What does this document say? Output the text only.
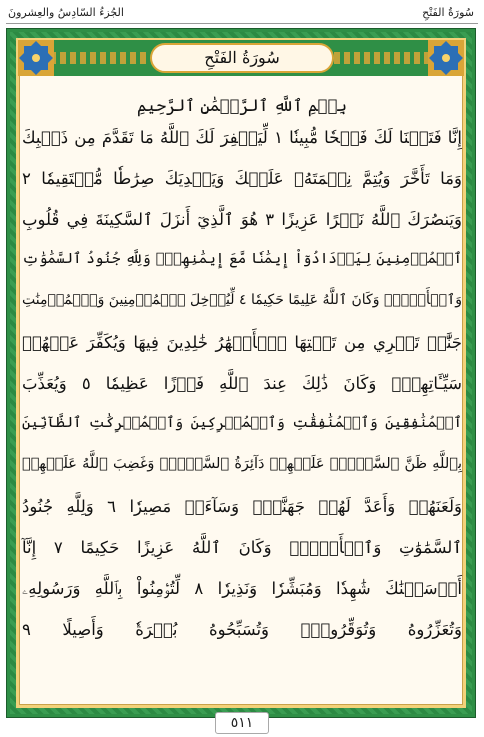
الجُزءُ السّادِسُ والعِشرونَ	سُورَةُ الفَتْحِ
سُورَةُ الفَتْحِ
بِسۡمِ ٱللَّهِ ٱلرَّحۡمَٰنِ ٱلرَّحِيمِ
إِنَّا فَتَحۡنَا لَكَ فَتۡحٗا مُّبِينٗا ١ لِّيَغۡفِرَ لَكَ ٱللَّهُ مَا تَقَدَّمَ مِن ذَنۢبِكَ
وَمَا تَأَخَّرَ وَيُتِمَّ نِعۡمَتَهُۥ عَلَيۡكَ وَيَهۡدِيَكَ صِرَٰطٗا مُّسۡتَقِيمٗا ٢
وَيَنصُرَكَ ٱللَّهُ نَصۡرًا عَزِيزًا ٣ هُوَ ٱلَّذِيٓ أَنزَلَ ٱلسَّكِينَةَ فِي قُلُوبِ
ٱلۡمُؤۡمِنِينَ لِيَزۡدَادُوٓاْ إِيمَٰنٗا مَّعَ إِيمَٰنِهِمۡۗ وَلِلَّهِ جُنُودُ ٱلسَّمَٰوَٰتِ
وَٱلۡأَرۡضِۚ وَكَانَ ٱللَّهُ عَلِيمًا حَكِيمٗا ٤ لِّيُدۡخِلَ ٱلۡمُؤۡمِنِينَ وَٱلۡمُؤۡمِنَٰتِ
جَنَّٰتٖ تَجۡرِي مِن تَحۡتِهَا ٱلۡأَنۡهَٰرُ خَٰلِدِينَ فِيهَا وَيُكَفِّرَ عَنۡهُمۡ
سَيِّـَٔاتِهِمۡۚ وَكَانَ ذَٰلِكَ عِندَ ٱللَّهِ فَوۡزًا عَظِيمٗا ٥ وَيُعَذِّبَ
ٱلۡمُنَٰفِقِينَ وَٱلۡمُنَٰفِقَٰتِ وَٱلۡمُشۡرِكِينَ وَٱلۡمُشۡرِكَٰتِ ٱلظَّآنِّينَ
بِٱللَّهِ ظَنَّ ٱلسَّوۡءِۚ عَلَيۡهِمۡ دَآئِرَةُ ٱلسَّوۡءِۖ وَغَضِبَ ٱللَّهُ عَلَيۡهِمۡ
وَلَعَنَهُمۡ وَأَعَدَّ لَهُمۡ جَهَنَّمَۖ وَسَآءَتۡ مَصِيرٗا ٦ وَلِلَّهِ جُنُودُ
ٱلسَّمَٰوَٰتِ وَٱلۡأَرۡضِۚ وَكَانَ ٱللَّهُ عَزِيزًا حَكِيمًا ٧ إِنَّآ
أَرۡسَلۡنَٰكَ شَٰهِدٗا وَمُبَشِّرٗا وَنَذِيرٗا ٨ لِّتُؤۡمِنُواْ بِٱللَّهِ وَرَسُولِهِۦ
وَتُعَزِّرُوهُ وَتُوَقِّرُوهُۚ وَتُسَبِّحُوهُ بُكۡرَةٗ وَأَصِيلًا ٩
٥١١
